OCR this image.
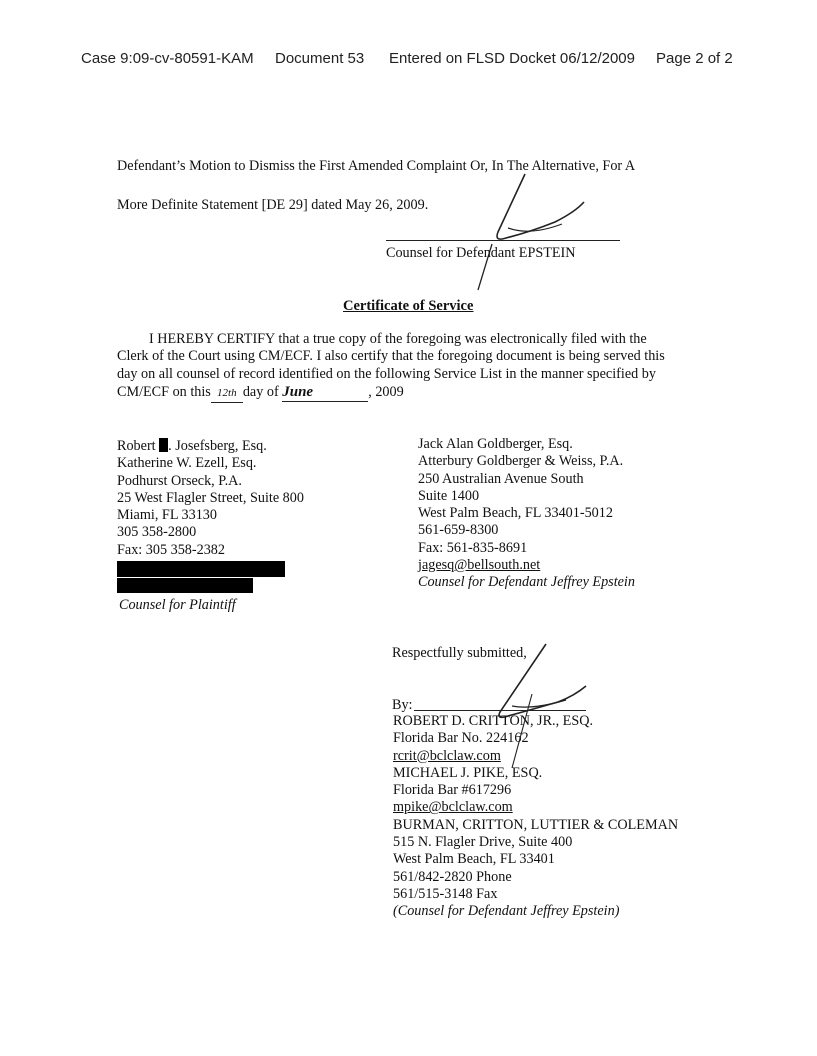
Case 9:09-cv-80591-KAM Document 53 Entered on FLSD Docket 06/12/2009 Page 2 of 2
Defendant’s Motion to Dismiss the First Amended Complaint Or, In The Alternative, For A
More Definite Statement [DE 29] dated May 26, 2009.
Counsel for Defendant EPSTEIN
Certificate of Service
I HEREBY CERTIFY that a true copy of the foregoing was electronically filed with the
Clerk of the Court using CM/ECF. I also certify that the foregoing document is being served this
day on all counsel of record identified on the following Service List in the manner specified by
CM/ECF on this 12th day of June	, 2009
Robert . Josefsberg, Esq.
Katherine W. Ezell, Esq.
Podhurst Orseck, P.A.
25 West Flagler Street, Suite 800
Miami, FL 33130
305 358-2800
Fax: 305 358-2382
Counsel for Plaintiff
Jack Alan Goldberger, Esq.
Atterbury Goldberger & Weiss, P.A.
250 Australian Avenue South
Suite 1400
West Palm Beach, FL 33401-5012
561-659-8300
Fax: 561-835-8691
jagesq@bellsouth.net
Counsel for Defendant Jeffrey Epstein
Respectfully submitted,
By:
ROBERT D. CRITTON, JR., ESQ.
Florida Bar No. 224162
rcrit@bclclaw.com
MICHAEL J. PIKE, ESQ.
Florida Bar #617296
mpike@bclclaw.com
BURMAN, CRITTON, LUTTIER & COLEMAN
515 N. Flagler Drive, Suite 400
West Palm Beach, FL 33401
561/842-2820 Phone
561/515-3148 Fax
(Counsel for Defendant Jeffrey Epstein)
